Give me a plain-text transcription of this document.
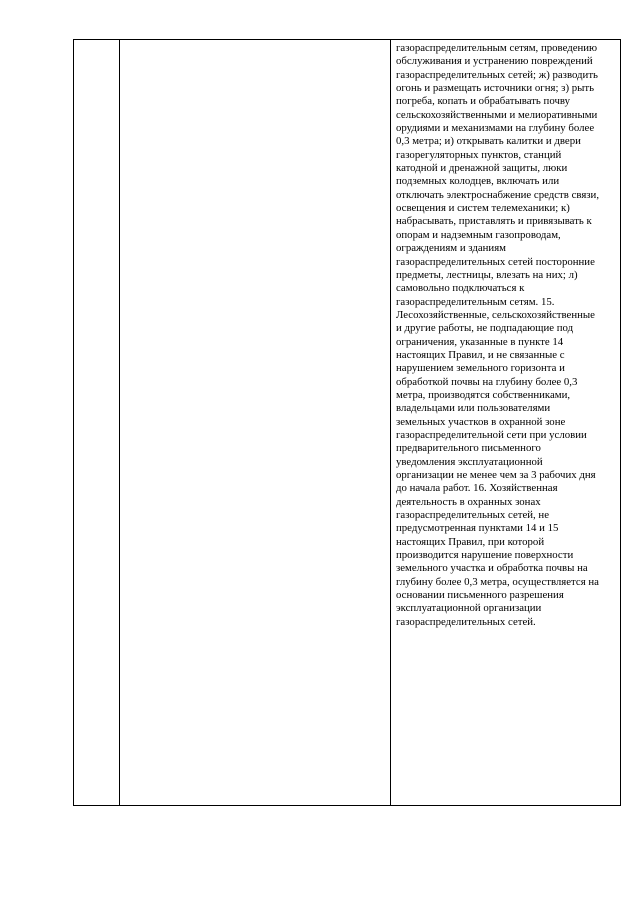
газораспределительным сетям, проведению
обслуживания и устранению повреждений
газораспределительных сетей; ж) разводить
огонь и размещать источники огня; з) рыть
погреба, копать и обрабатывать почву
сельскохозяйственными и мелиоративными
орудиями и механизмами на глубину более
0,3 метра; и) открывать калитки и двери
газорегуляторных пунктов, станций
катодной и дренажной защиты, люки
подземных колодцев, включать или
отключать электроснабжение средств связи,
освещения и систем телемеханики; к)
набрасывать, приставлять и привязывать к
опорам и надземным газопроводам,
ограждениям и зданиям
газораспределительных сетей посторонние
предметы, лестницы, влезать на них; л)
самовольно подключаться к
газораспределительным сетям. 15.
Лесохозяйственные, сельскохозяйственные
и другие работы, не подпадающие под
ограничения, указанные в пункте 14
настоящих Правил, и не связанные с
нарушением земельного горизонта и
обработкой почвы на глубину более 0,3
метра, производятся собственниками,
владельцами или пользователями
земельных участков в охранной зоне
газораспределительной сети при условии
предварительного письменного
уведомления эксплуатационной
организации не менее чем за 3 рабочих дня
до начала работ. 16. Хозяйственная
деятельность в охранных зонах
газораспределительных сетей, не
предусмотренная пунктами 14 и 15
настоящих Правил, при которой
производится нарушение поверхности
земельного участка и обработка почвы на
глубину более 0,3 метра, осуществляется на
основании письменного разрешения
эксплуатационной организации
газораспределительных сетей.
